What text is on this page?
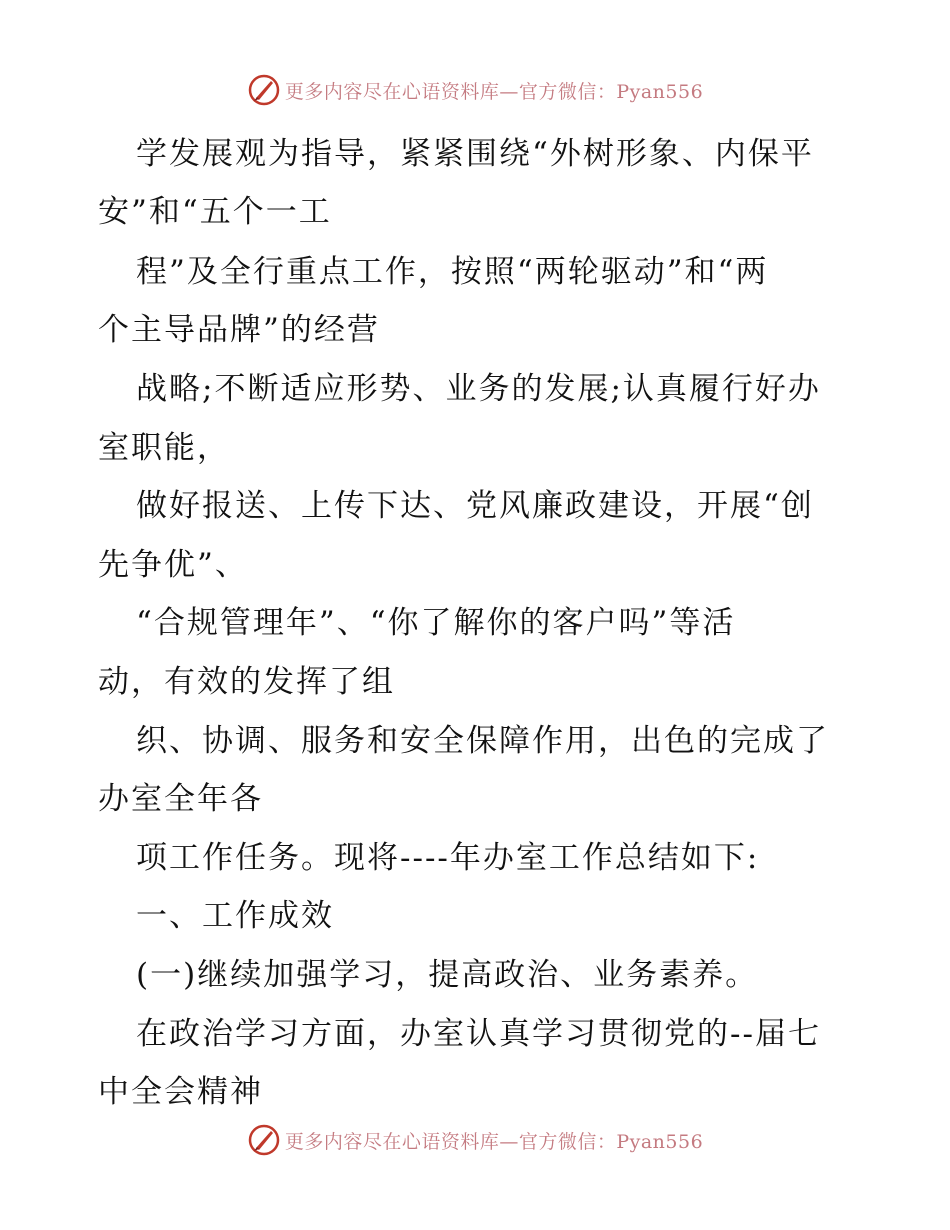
更多内容尽在心语资料库—官方微信：Pyan556
学发展观为指导，紧紧围绕“外树形象、内保平
安”和“五个一工
程”及全行重点工作，按照“两轮驱动”和“两
个主导品牌”的经营
战略;不断适应形势、业务的发展;认真履行好办
室职能，
做好报送、上传下达、党风廉政建设，开展“创
先争优”、
“合规管理年”、“你了解你的客户吗”等活
动，有效的发挥了组
织、协调、服务和安全保障作用，出色的完成了
办室全年各
项工作任务。现将----年办室工作总结如下:
一、工作成效
(一)继续加强学习，提高政治、业务素养。
在政治学习方面，办室认真学习贯彻党的--届七
中全会精神
更多内容尽在心语资料库—官方微信：Pyan556
